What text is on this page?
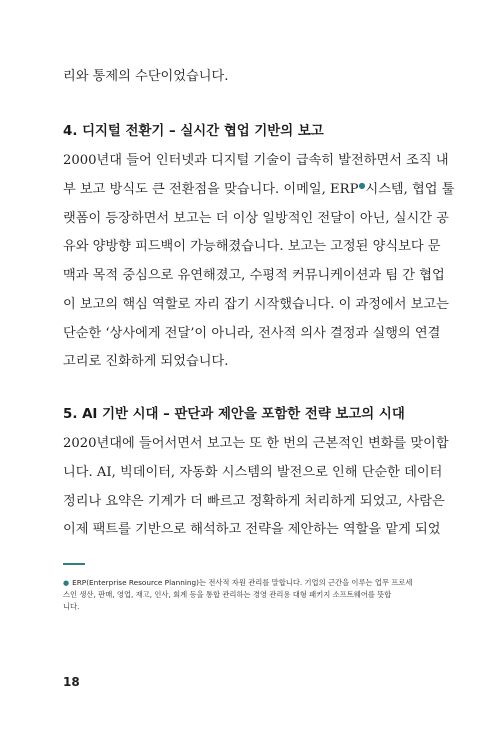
리와 통제의 수단이었습니다.
4. 디지털 전환기 – 실시간 협업 기반의 보고
2000년대 들어 인터넷과 디지털 기술이 급속히 발전하면서 조직 내
부 보고 방식도 큰 전환점을 맞습니다. 이메일, ERP●시스템, 협업 툴
랫폼이 등장하면서 보고는 더 이상 일방적인 전달이 아닌, 실시간 공
유와 양방향 피드백이 가능해졌습니다. 보고는 고정된 양식보다 문
맥과 목적 중심으로 유연해졌고, 수평적 커뮤니케이션과 팀 간 협업
이 보고의 핵심 역할로 자리 잡기 시작했습니다. 이 과정에서 보고는
단순한 ‘상사에게 전달’이 아니라, 전사적 의사 결정과 실행의 연결
고리로 진화하게 되었습니다.
5. AI 기반 시대 – 판단과 제안을 포함한 전략 보고의 시대
2020년대에 들어서면서 보고는 또 한 번의 근본적인 변화를 맞이합
니다. AI, 빅데이터, 자동화 시스템의 발전으로 인해 단순한 데이터
정리나 요약은 기계가 더 빠르고 정확하게 처리하게 되었고, 사람은
이제 팩트를 기반으로 해석하고 전략을 제안하는 역할을 맡게 되었
● ERP(Enterprise Resource Planning)는 전사적 자원 관리를 말합니다. 기업의 근간을 이루는 업무 프로세
스인 생산, 판매, 영업, 재고, 인사, 회계 등을 통합 관리하는 경영 관리용 대형 패키지 소프트웨어를 뜻합
니다.
18
